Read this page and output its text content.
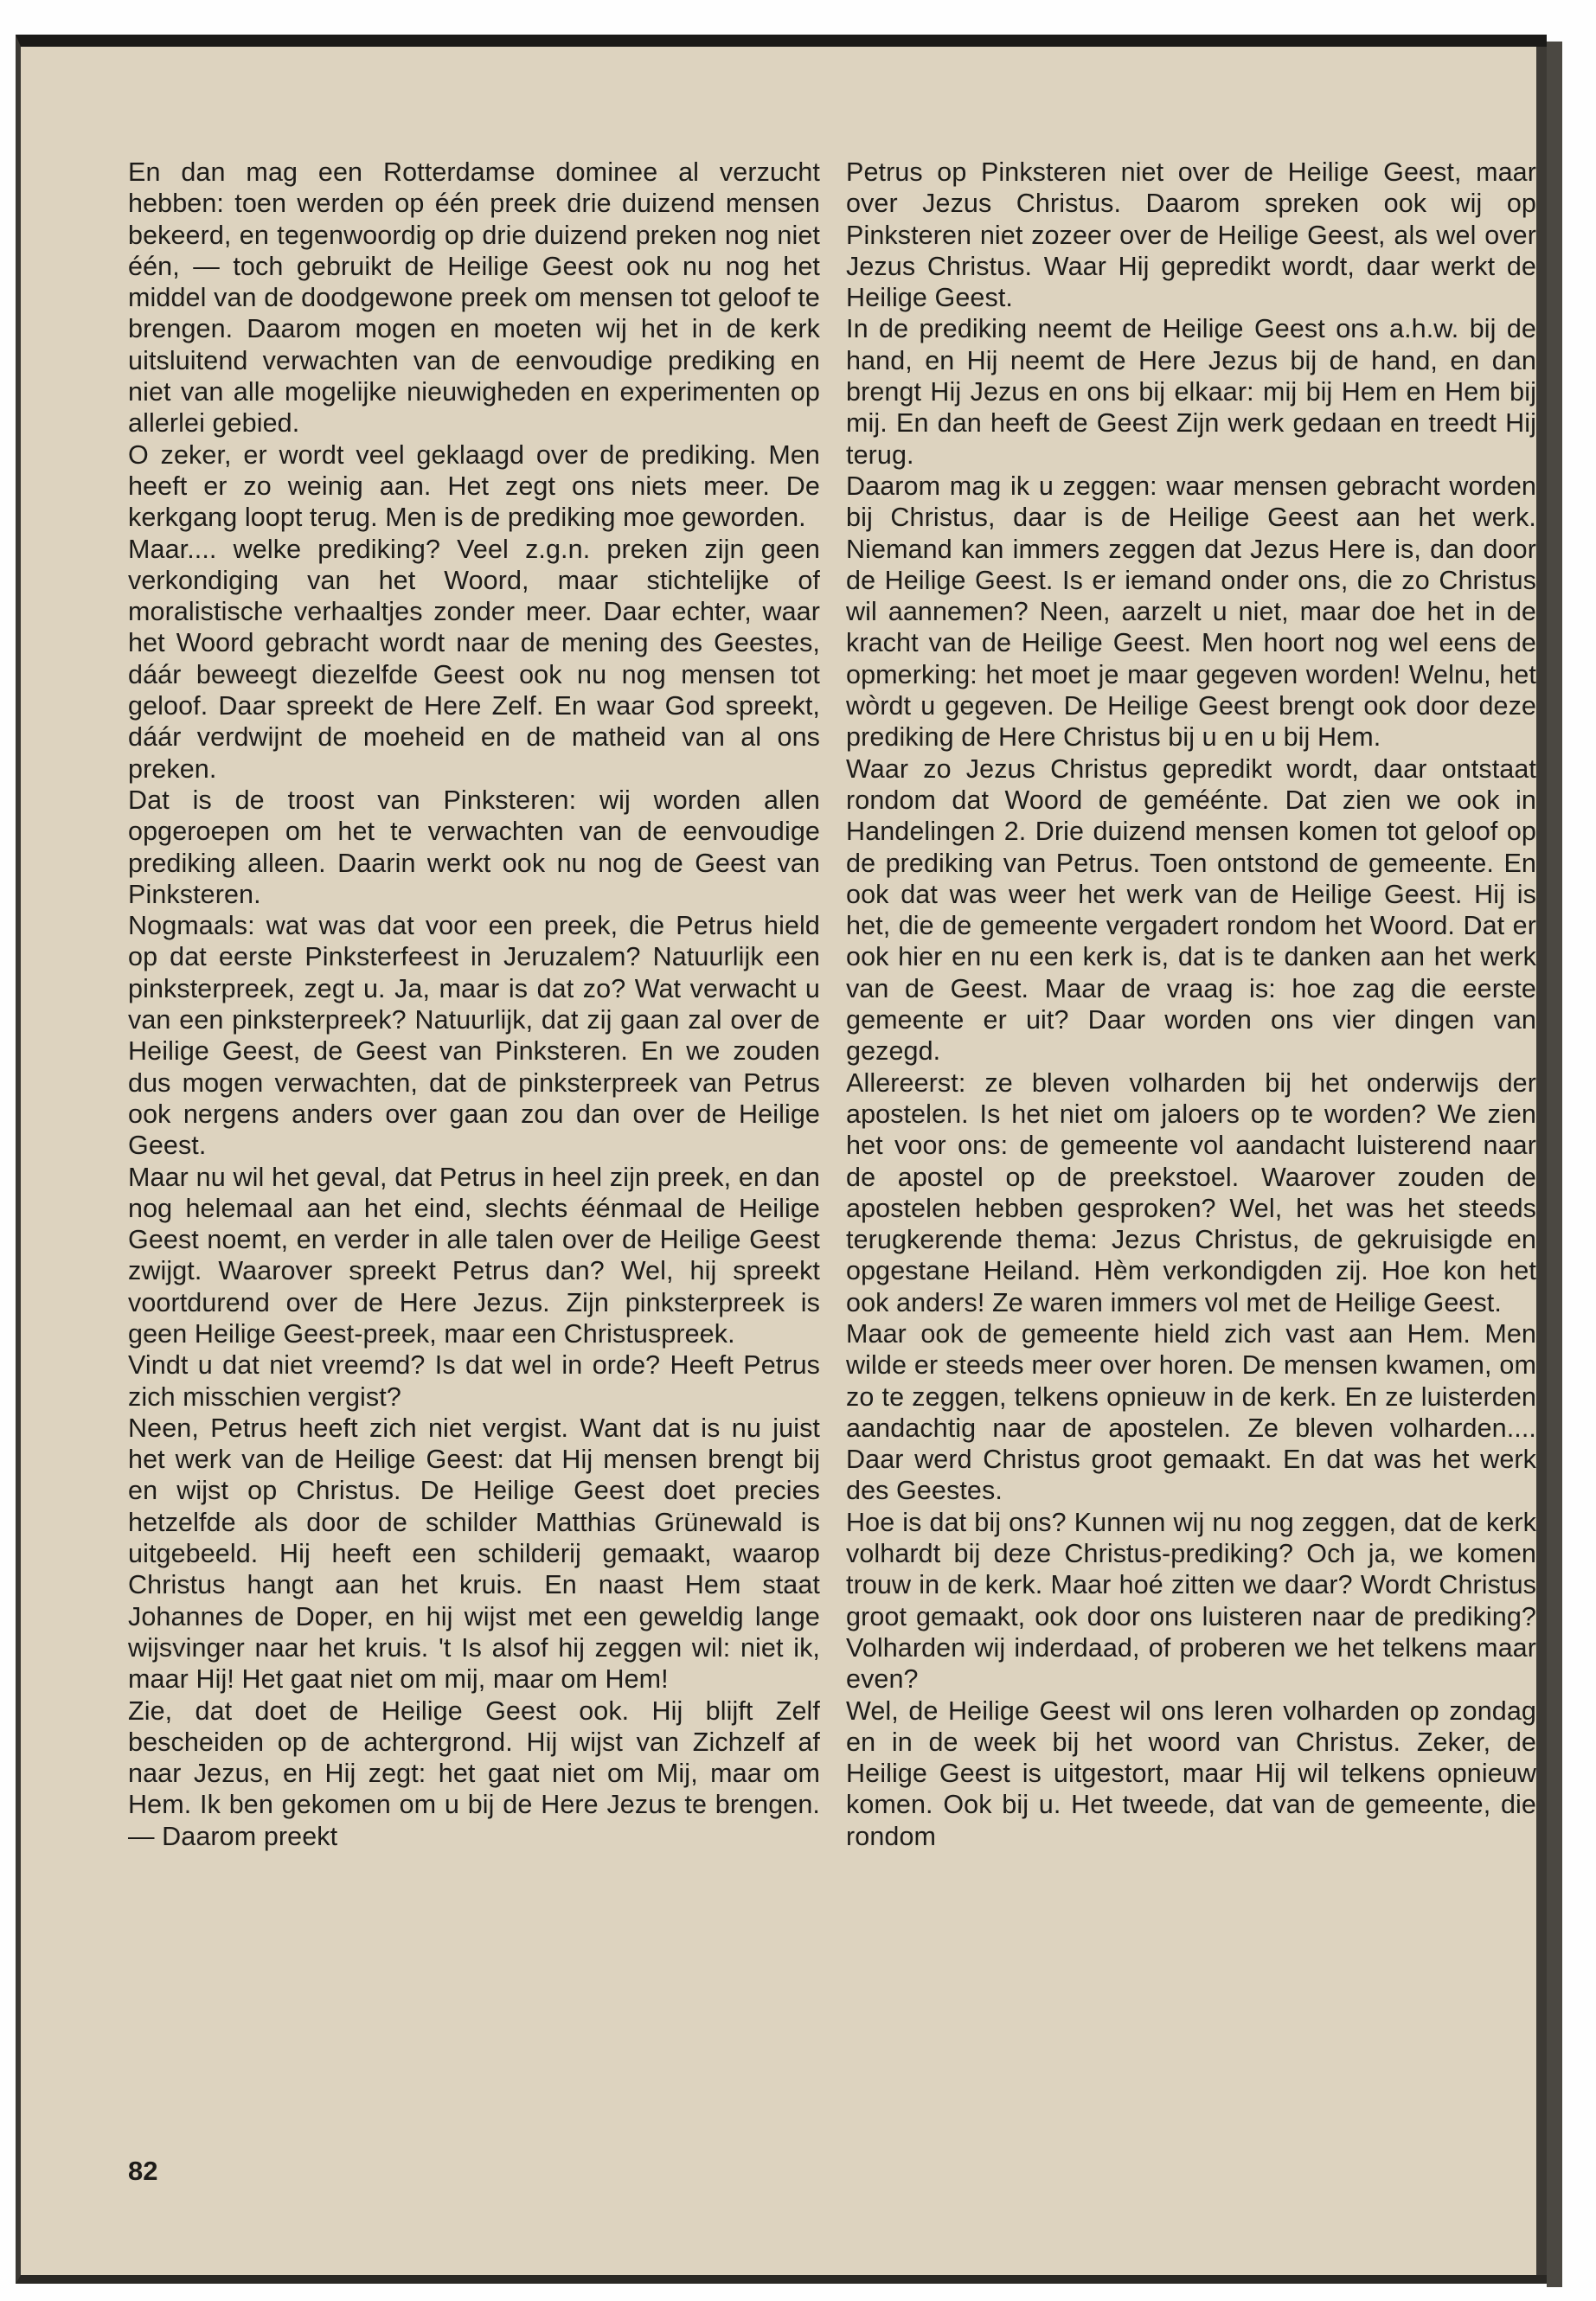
En dan mag een Rotterdamse dominee al verzucht hebben: toen werden op één preek drie duizend mensen bekeerd, en tegenwoordig op drie duizend preken nog niet één, — toch gebruikt de Heilige Geest ook nu nog het middel van de doodgewone preek om mensen tot geloof te brengen. Daarom mogen en moeten wij het in de kerk uitsluitend verwachten van de eenvoudige prediking en niet van alle mogelijke nieuwigheden en experimenten op allerlei gebied.

O zeker, er wordt veel geklaagd over de prediking. Men heeft er zo weinig aan. Het zegt ons niets meer. De kerkgang loopt terug. Men is de prediking moe geworden.

Maar.... welke prediking? Veel z.g.n. preken zijn geen verkondiging van het Woord, maar stichtelijke of moralistische verhaaltjes zonder meer. Daar echter, waar het Woord gebracht wordt naar de mening des Geestes, dáár beweegt diezelfde Geest ook nu nog mensen tot geloof. Daar spreekt de Here Zelf. En waar God spreekt, dáár verdwijnt de moeheid en de matheid van al ons preken.

Dat is de troost van Pinksteren: wij worden allen opgeroepen om het te verwachten van de eenvoudige prediking alleen. Daarin werkt ook nu nog de Geest van Pinksteren.

Nogmaals: wat was dat voor een preek, die Petrus hield op dat eerste Pinksterfeest in Jeruzalem? Natuurlijk een pinksterpreek, zegt u. Ja, maar is dat zo? Wat verwacht u van een pinksterpreek? Natuurlijk, dat zij gaan zal over de Heilige Geest, de Geest van Pinksteren. En we zouden dus mogen verwachten, dat de pinksterpreek van Petrus ook nergens anders over gaan zou dan over de Heilige Geest.

Maar nu wil het geval, dat Petrus in heel zijn preek, en dan nog helemaal aan het eind, slechts éénmaal de Heilige Geest noemt, en verder in alle talen over de Heilige Geest zwijgt. Waarover spreekt Petrus dan? Wel, hij spreekt voortdurend over de Here Jezus. Zijn pinksterpreek is geen Heilige Geest-preek, maar een Christuspreek.

Vindt u dat niet vreemd? Is dat wel in orde? Heeft Petrus zich misschien vergist?

Neen, Petrus heeft zich niet vergist. Want dat is nu juist het werk van de Heilige Geest: dat Hij mensen brengt bij en wijst op Christus. De Heilige Geest doet precies hetzelfde als door de schilder Matthias Grünewald is uitgebeeld. Hij heeft een schilderij gemaakt, waarop Christus hangt aan het kruis. En naast Hem staat Johannes de Doper, en hij wijst met een geweldig lange wijsvinger naar het kruis. 't Is alsof hij zeggen wil: niet ik, maar Hij! Het gaat niet om mij, maar om Hem!

Zie, dat doet de Heilige Geest ook. Hij blijft Zelf bescheiden op de achtergrond. Hij wijst van Zichzelf af naar Jezus, en Hij zegt: het gaat niet om Mij, maar om Hem. Ik ben gekomen om u bij de Here Jezus te brengen. — Daarom preekt

Petrus op Pinksteren niet over de Heilige Geest, maar over Jezus Christus. Daarom spreken ook wij op Pinksteren niet zozeer over de Heilige Geest, als wel over Jezus Christus. Waar Hij gepredikt wordt, daar werkt de Heilige Geest.

In de prediking neemt de Heilige Geest ons a.h.w. bij de hand, en Hij neemt de Here Jezus bij de hand, en dan brengt Hij Jezus en ons bij elkaar: mij bij Hem en Hem bij mij. En dan heeft de Geest Zijn werk gedaan en treedt Hij terug.

Daarom mag ik u zeggen: waar mensen gebracht worden bij Christus, daar is de Heilige Geest aan het werk. Niemand kan immers zeggen dat Jezus Here is, dan door de Heilige Geest. Is er iemand onder ons, die zo Christus wil aannemen? Neen, aarzelt u niet, maar doe het in de kracht van de Heilige Geest. Men hoort nog wel eens de opmerking: het moet je maar gegeven worden! Welnu, het wòrdt u gegeven. De Heilige Geest brengt ook door deze prediking de Here Christus bij u en u bij Hem.

Waar zo Jezus Christus gepredikt wordt, daar ontstaat rondom dat Woord de geméénte. Dat zien we ook in Handelingen 2. Drie duizend mensen komen tot geloof op de prediking van Petrus. Toen ontstond de gemeente. En ook dat was weer het werk van de Heilige Geest. Hij is het, die de gemeente vergadert rondom het Woord. Dat er ook hier en nu een kerk is, dat is te danken aan het werk van de Geest. Maar de vraag is: hoe zag die eerste gemeente er uit? Daar worden ons vier dingen van gezegd.

Allereerst: ze bleven volharden bij het onderwijs der apostelen. Is het niet om jaloers op te worden? We zien het voor ons: de gemeente vol aandacht luisterend naar de apostel op de preekstoel. Waarover zouden de apostelen hebben gesproken? Wel, het was het steeds terugkerende thema: Jezus Christus, de gekruisigde en opgestane Heiland. Hèm verkondigden zij. Hoe kon het ook anders! Ze waren immers vol met de Heilige Geest.

Maar ook de gemeente hield zich vast aan Hem. Men wilde er steeds meer over horen. De mensen kwamen, om zo te zeggen, telkens opnieuw in de kerk. En ze luisterden aandachtig naar de apostelen. Ze bleven volharden.... Daar werd Christus groot gemaakt. En dat was het werk des Geestes.

Hoe is dat bij ons? Kunnen wij nu nog zeggen, dat de kerk volhardt bij deze Christus-prediking? Och ja, we komen trouw in de kerk. Maar hoé zitten we daar? Wordt Christus groot gemaakt, ook door ons luisteren naar de prediking? Volharden wij inderdaad, of proberen we het telkens maar even?

Wel, de Heilige Geest wil ons leren volharden op zondag en in de week bij het woord van Christus. Zeker, de Heilige Geest is uitgestort, maar Hij wil telkens opnieuw komen. Ook bij u. Het tweede, dat van de gemeente, die rondom

82
